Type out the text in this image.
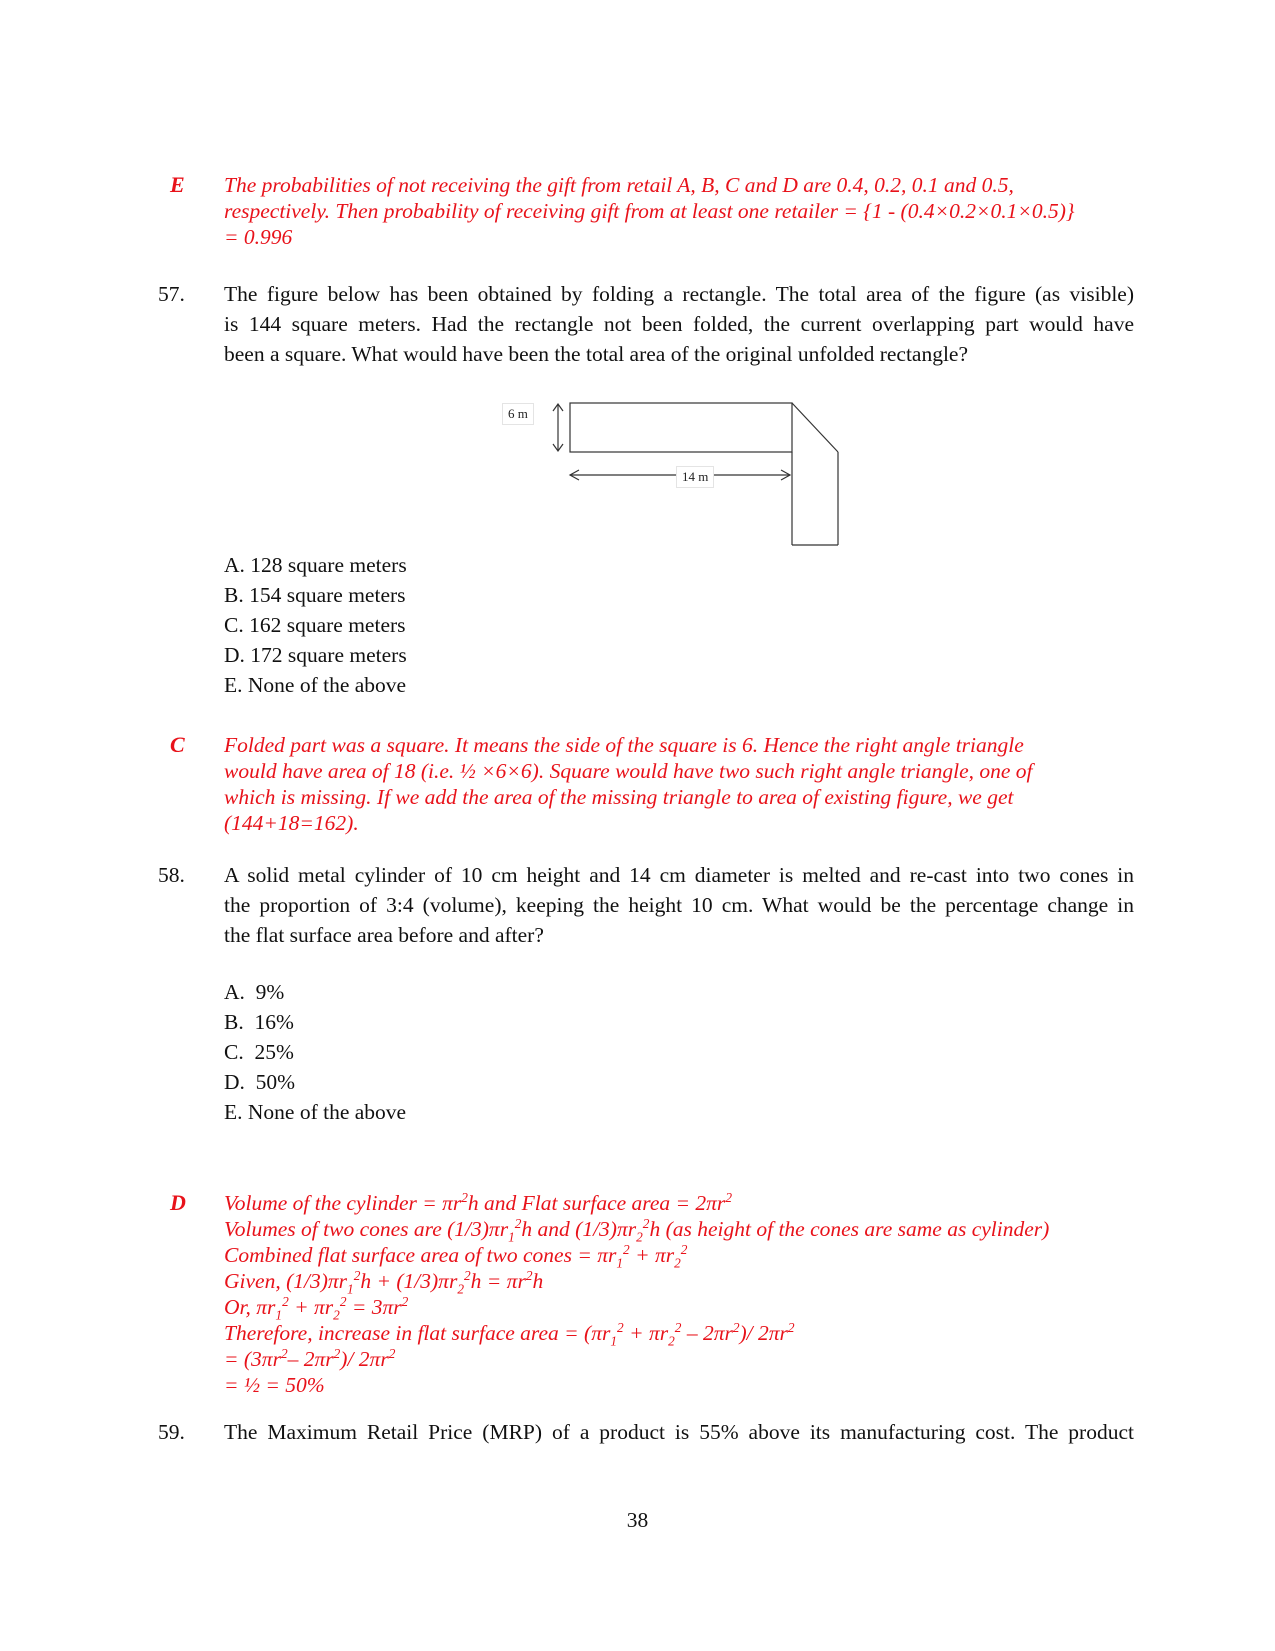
E	The probabilities of not receiving the gift from retail A, B, C and D are 0.4, 0.2, 0.1 and 0.5,
respectively. Then probability of receiving gift from at least one retailer = {1 - (0.4×0.2×0.1×0.5)}
= 0.996
57. The figure below has been obtained by folding a rectangle. The total area of the figure (as visible)
is 144 square meters. Had the rectangle not been folded, the current overlapping part would have
been a square. What would have been the total area of the original unfolded rectangle?
6 m
14 m
A. 128 square meters
B. 154 square meters
C. 162 square meters
D. 172 square meters
E. None of the above
C	Folded part was a square. It means the side of the square is 6. Hence the right angle triangle
would have area of 18 (i.e. ½ ×6×6). Square would have two such right angle triangle, one of
which is missing. If we add the area of the missing triangle to area of existing figure, we get
(144+18=162).
58. A solid metal cylinder of 10 cm height and 14 cm diameter is melted and re-cast into two cones in
the proportion of 3:4 (volume), keeping the height 10 cm. What would be the percentage change in
the flat surface area before and after?
A.  9%
B.  16%
C.  25%
D.  50%
E. None of the above
D	Volume of the cylinder = $\pi r^2h$ and Flat surface area = $2\pi r^2$
Volumes of two cones are $(1/3)\pi r_1^2h$ and $(1/3)\pi r_2^2h$ (as height of the cones are same as cylinder)
Combined flat surface area of two cones = $\pi r_1^2 + \pi r_2^2$
Given, $(1/3)\pi r_1^2h + (1/3)\pi r_2^2h = \pi r^2h$
Or, $\pi r_1^2 + \pi r_2^2 = 3\pi r^2$
Therefore, increase in flat surface area = $(\pi r_1^2 + \pi r_2^2 - 2\pi r^2)/$ $2\pi r^2$
= ($3\pi r^2-$ $2\pi r^2)/$ $2\pi r^2$
= ½ = 50%
59. The Maximum Retail Price (MRP) of a product is 55% above its manufacturing cost. The product
38
